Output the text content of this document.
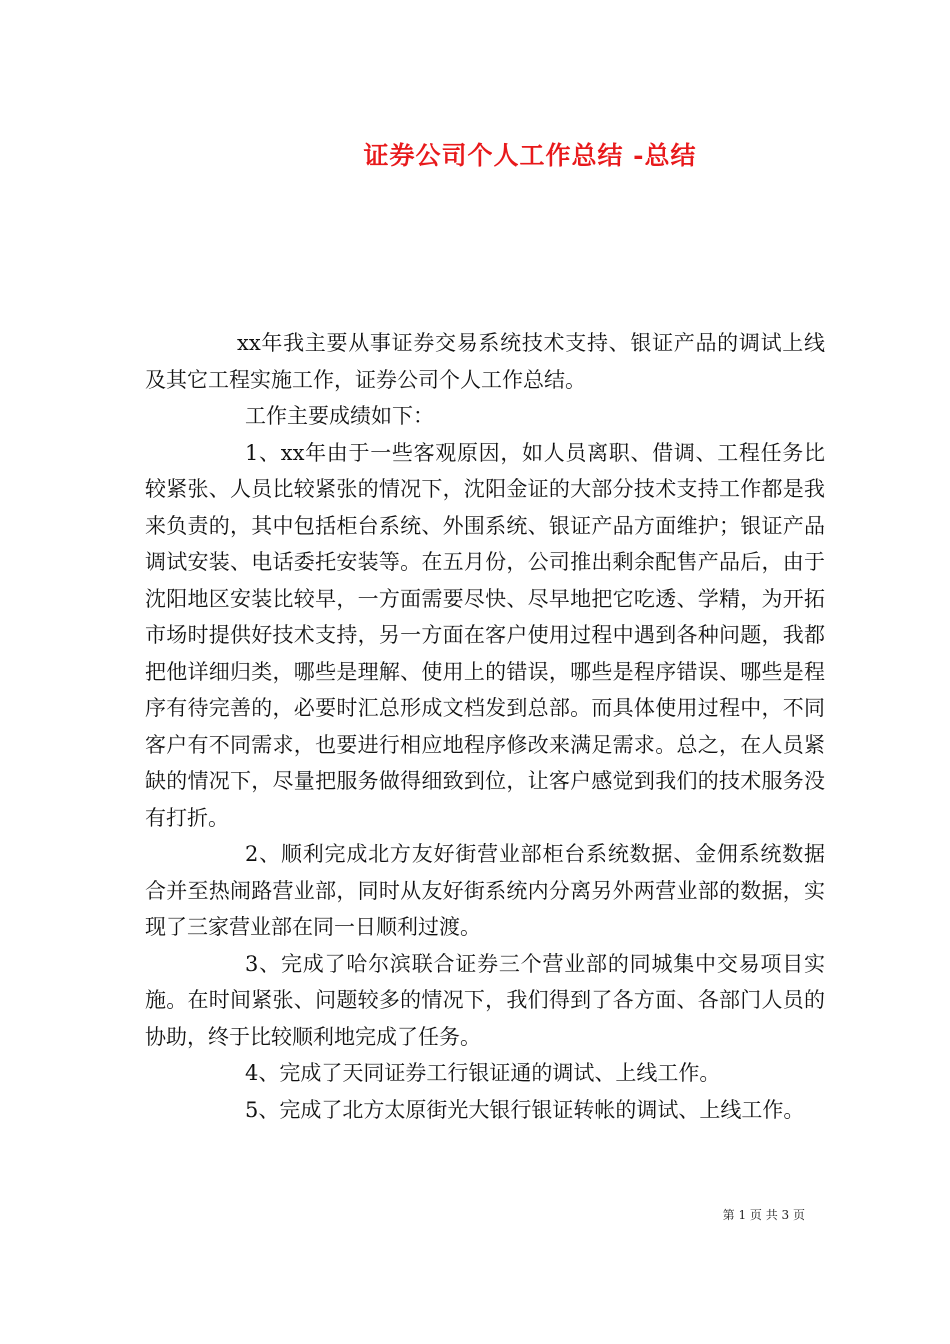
证券公司个人工作总结 -总结

xx年我主要从事证券交易系统技术支持、银证产品的调试上线及其它工程实施工作，证券公司个人工作总结。

工作主要成绩如下：

1、xx年由于一些客观原因，如人员离职、借调、工程任务比较紧张、人员比较紧张的情况下，沈阳金证的大部分技术支持工作都是我来负责的，其中包括柜台系统、外围系统、银证产品方面维护；银证产品调试安装、电话委托安装等。在五月份，公司推出剩余配售产品后，由于沈阳地区安装比较早，一方面需要尽快、尽早地把它吃透、学精，为开拓市场时提供好技术支持，另一方面在客户使用过程中遇到各种问题，我都把他详细归类，哪些是理解、使用上的错误，哪些是程序错误、哪些是程序有待完善的，必要时汇总形成文档发到总部。而具体使用过程中，不同客户有不同需求，也要进行相应地程序修改来满足需求。总之，在人员紧缺的情况下，尽量把服务做得细致到位，让客户感觉到我们的技术服务没有打折。

2、顺利完成北方友好街营业部柜台系统数据、金佣系统数据合并至热闹路营业部，同时从友好街系统内分离另外两营业部的数据，实现了三家营业部在同一日顺利过渡。

3、完成了哈尔滨联合证券三个营业部的同城集中交易项目实施。在时间紧张、问题较多的情况下，我们得到了各方面、各部门人员的协助，终于比较顺利地完成了任务。

4、完成了天同证券工行银证通的调试、上线工作。

5、完成了北方太原街光大银行银证转帐的调试、上线工作。

第 1 页 共 3 页
